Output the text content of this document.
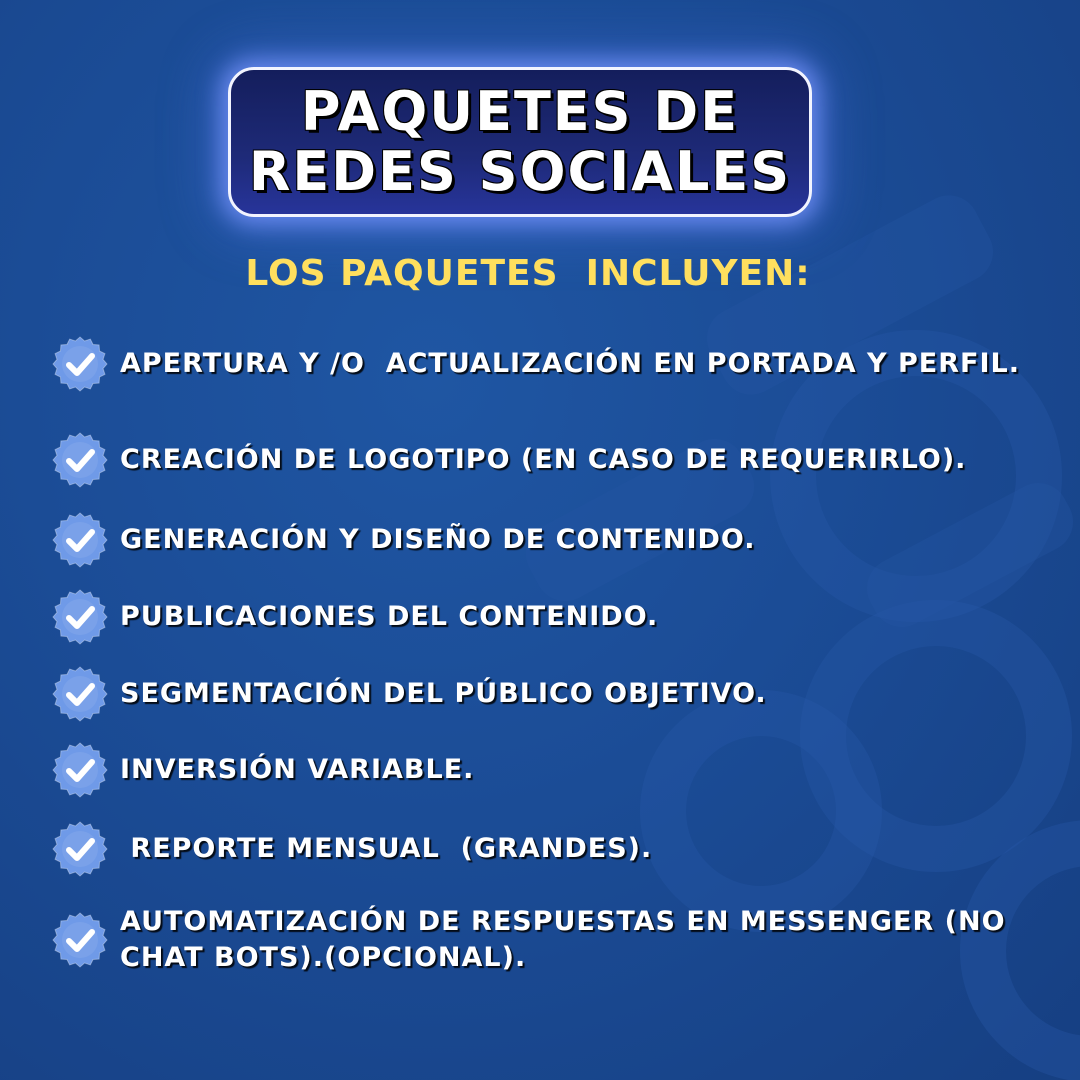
PAQUETES DE
REDES SOCIALES
LOS PAQUETES  INCLUYEN:
APERTURA Y /O  ACTUALIZACIÓN EN PORTADA Y PERFIL.
CREACIÓN DE LOGOTIPO (EN CASO DE REQUERIRLO).
GENERACIÓN Y DISEÑO DE CONTENIDO.
PUBLICACIONES DEL CONTENIDO.
SEGMENTACIÓN DEL PÚBLICO OBJETIVO.
INVERSIÓN VARIABLE.
REPORTE MENSUAL  (GRANDES).
AUTOMATIZACIÓN DE RESPUESTAS EN MESSENGER (NO CHAT BOTS).(OPCIONAL).
